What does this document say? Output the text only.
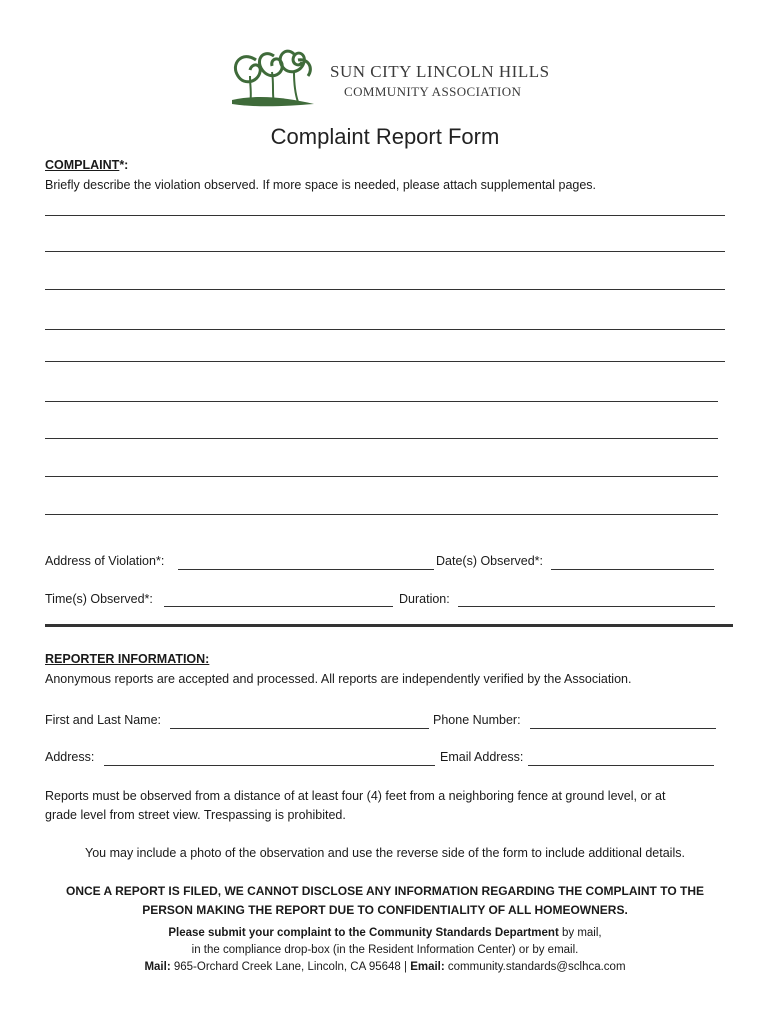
SUN CITY LINCOLN HILLS
COMMUNITY ASSOCIATION
Complaint Report Form
COMPLAINT*:
Briefly describe the violation observed. If more space is needed, please attach supplemental pages.
Address of Violation*:	Date(s) Observed*:
Time(s) Observed*:	Duration:
REPORTER INFORMATION:
Anonymous reports are accepted and processed. All reports are independently verified by the Association.
First and Last Name:	Phone Number:
Address:	Email Address:
Reports must be observed from a distance of at least four (4) feet from a neighboring fence at ground level, or at
grade level from street view. Trespassing is prohibited.
You may include a photo of the observation and use the reverse side of the form to include additional details.
ONCE A REPORT IS FILED, WE CANNOT DISCLOSE ANY INFORMATION REGARDING THE COMPLAINT TO THE
PERSON MAKING THE REPORT DUE TO CONFIDENTIALITY OF ALL HOMEOWNERS.
Please submit your complaint to the Community Standards Department by mail,
in the compliance drop-box (in the Resident Information Center) or by email.
Mail: 965-Orchard Creek Lane, Lincoln, CA 95648 | Email: community.standards@sclhca.com
